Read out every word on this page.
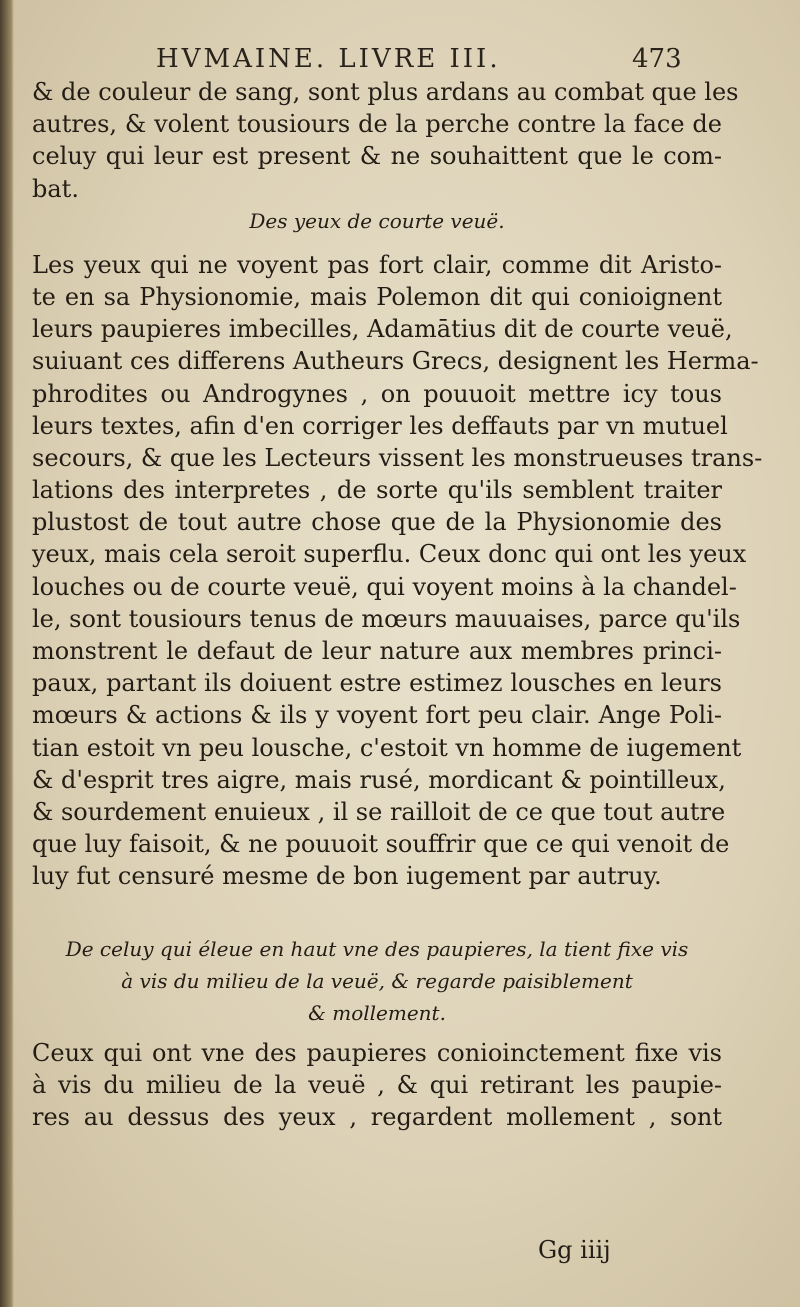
HVMAINE. LIVRE III.	473
& de couleur de sang, sont plus ardans au combat que les
autres, & volent tousiours de la perche contre la face de
celuy qui leur est present & ne souhaittent que le com-
bat.
Des yeux de courte veuë.
Les yeux qui ne voyent pas fort clair, comme dit Aristo-
te en sa Physionomie, mais Polemon dit qui conioignent
leurs paupieres imbecilles, Adamātius dit de courte veuë,
suiuant ces differens Autheurs Grecs, designent les Herma-
phrodites ou Androgynes , on pouuoit mettre icy tous
leurs textes, afin d'en corriger les deffauts par vn mutuel
secours, & que les Lecteurs vissent les monstrueuses trans-
lations des interpretes , de sorte qu'ils semblent traiter
plustost de tout autre chose que de la Physionomie des
yeux, mais cela seroit superflu. Ceux donc qui ont les yeux
louches ou de courte veuë, qui voyent moins à la chandel-
le, sont tousiours tenus de mœurs mauuaises, parce qu'ils
monstrent le defaut de leur nature aux membres princi-
paux, partant ils doiuent estre estimez lousches en leurs
mœurs & actions & ils y voyent fort peu clair. Ange Poli-
tian estoit vn peu lousche, c'estoit vn homme de iugement
& d'esprit tres aigre, mais rusé, mordicant & pointilleux,
& sourdement enuieux , il se railloit de ce que tout autre
que luy faisoit, & ne pouuoit souffrir que ce qui venoit de
luy fut censuré mesme de bon iugement par autruy.
De celuy qui éleue en haut vne des paupieres, la tient fixe vis
à vis du milieu de la veuë, & regarde paisiblement
& mollement.
Ceux qui ont vne des paupieres conioinctement fixe vis
à vis du milieu de la veuë , & qui retirant les paupie-
res au dessus des yeux , regardent mollement , sont
Gg iiij
